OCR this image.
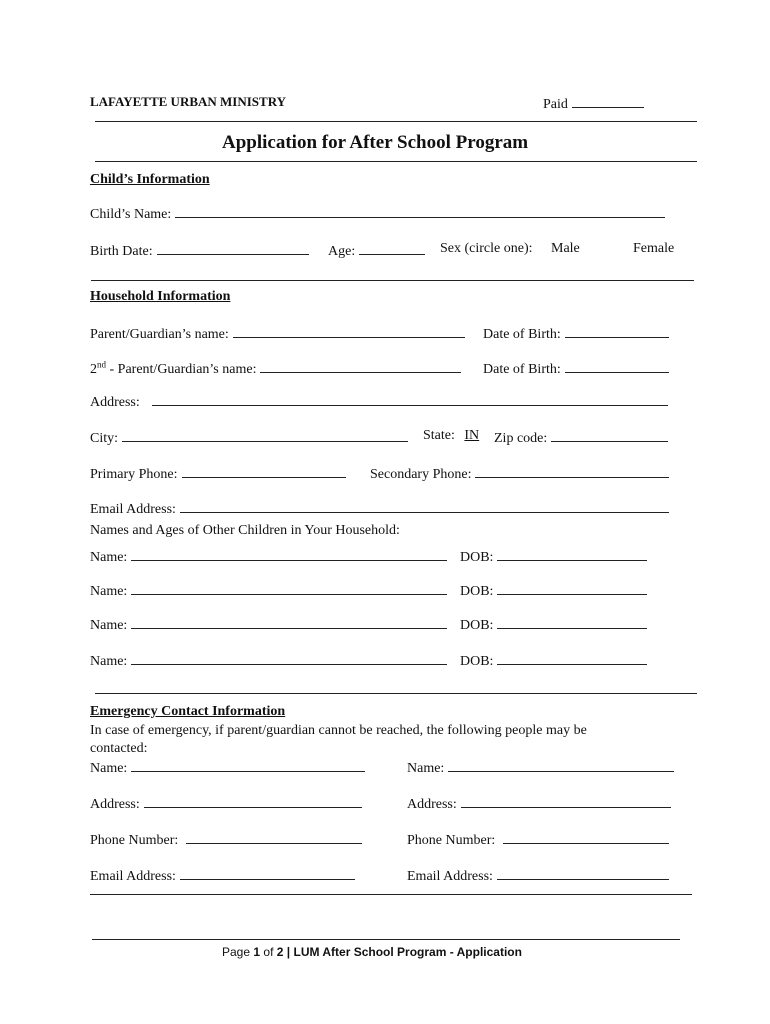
LAFAYETTE URBAN MINISTRY	Paid
Application for After School Program
Child’s Information
Child’s Name:
Birth Date:	Age:	Sex (circle one): Male	Female
Household Information
Parent/Guardian’s name:	Date of Birth:
2nd - Parent/Guardian’s name:	Date of Birth:
Address:
City:	State: IN	Zip code:
Primary Phone:	Secondary Phone:
Email Address:
Names and Ages of Other Children in Your Household:
Name:	DOB:
Name:	DOB:
Name:	DOB:
Name:	DOB:
Emergency Contact Information
In case of emergency, if parent/guardian cannot be reached, the following people may be
contacted:
Name:	Name:
Address:	Address:
Phone Number:	Phone Number:
Email Address:	Email Address:
Page 1 of 2 | LUM After School Program - Application
